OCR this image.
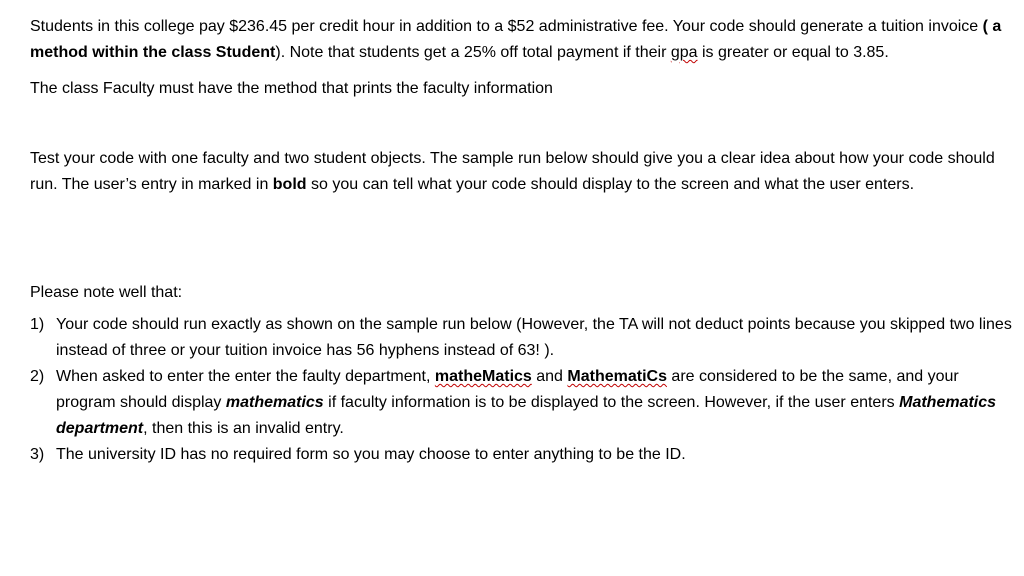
Students in this college pay $236.45 per credit hour in addition to a $52 administrative fee. Your code should generate a tuition invoice ( a method within the class Student). Note that students get a 25% off total payment if their gpa is greater or equal to 3.85.

The class Faculty must have the method that prints the faculty information

Test your code with one faculty and two student objects. The sample run below should give you a clear idea about how your code should run. The user’s entry in marked in bold so you can tell what your code should display to the screen and what the user enters.

Please note well that:

1) Your code should run exactly as shown on the sample run below (However, the TA will not deduct points because you skipped two lines instead of three or your tuition invoice has 56 hyphens instead of 63! ).
2) When asked to enter the enter the faulty department, matheMatics and MathematiCs are considered to be the same, and your program should display mathematics if faculty information is to be displayed to the screen. However, if the user enters Mathematics department, then this is an invalid entry.
3) The university ID has no required form so you may choose to enter anything to be the ID.
